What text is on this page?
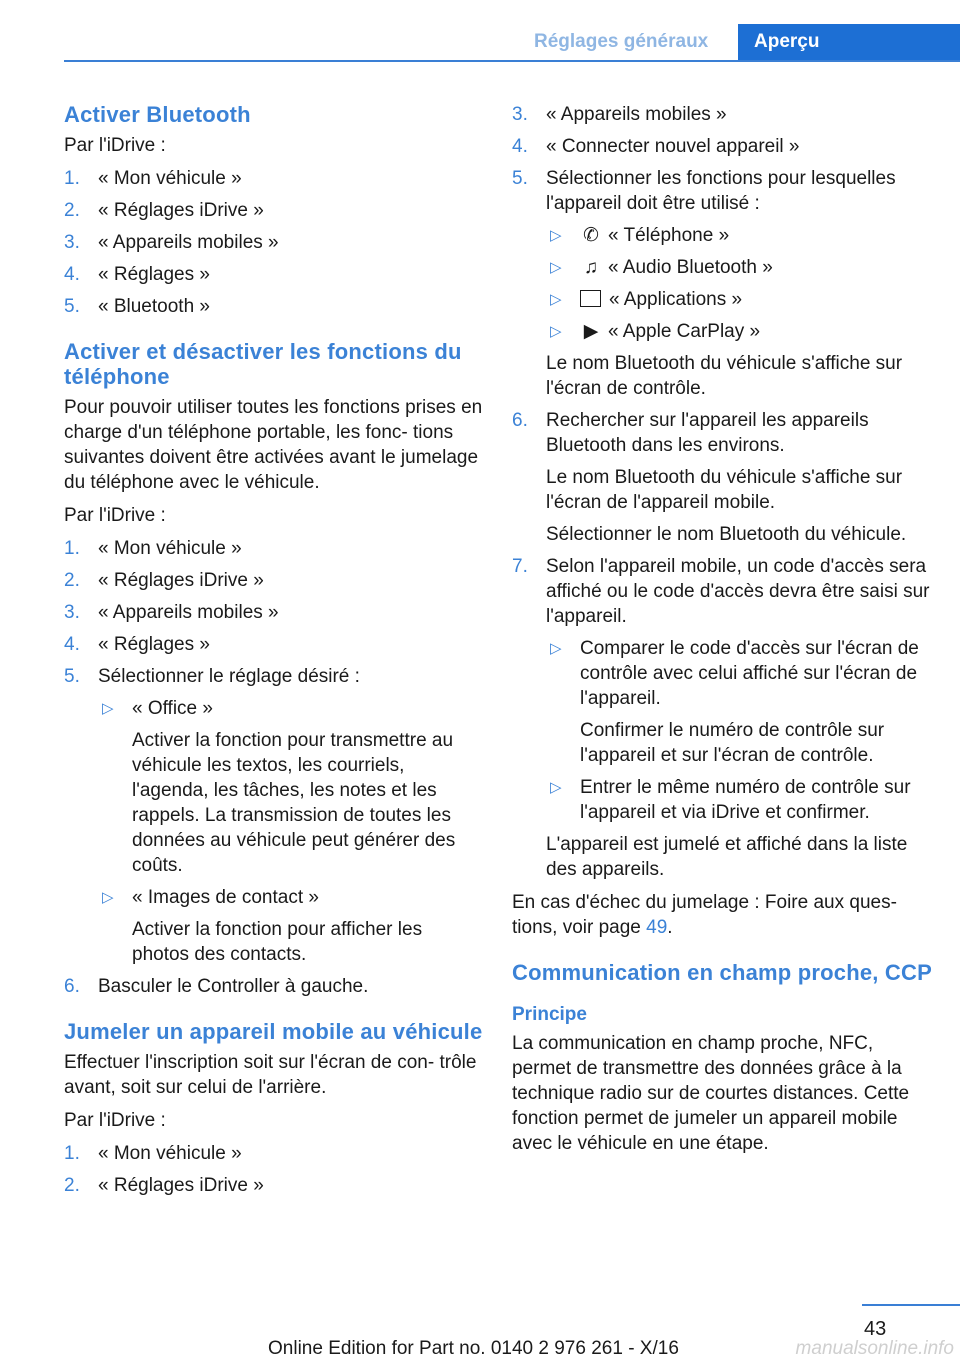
Réglages généraux	Aperçu
Activer Bluetooth

Par l'iDrive :

1. « Mon véhicule »
2. « Réglages iDrive »
3. « Appareils mobiles »
4. « Réglages »
5. « Bluetooth »
Activer et désactiver les fonctions du téléphone

Pour pouvoir utiliser toutes les fonctions prises en charge d'un téléphone portable, les fonc- tions suivantes doivent être activées avant le jumelage du téléphone avec le véhicule.

Par l'iDrive :

1. « Mon véhicule »
2. « Réglages iDrive »
3. « Appareils mobiles »
4. « Réglages »
5. Sélectionner le réglage désiré :
▷ « Office »
Activer la fonction pour transmettre au véhicule les textos, les courriels, l'agenda, les tâches, les notes et les rappels. La transmission de toutes les données au véhicule peut générer des coûts.
▷ « Images de contact »
Activer la fonction pour afficher les photos des contacts.
6. Basculer le Controller à gauche.
Jumeler un appareil mobile au véhicule

Effectuer l'inscription soit sur l'écran de con- trôle avant, soit sur celui de l'arrière.

Par l'iDrive :

1. « Mon véhicule »
2. « Réglages iDrive »
3. « Appareils mobiles »
4. « Connecter nouvel appareil »
5. Sélectionner les fonctions pour lesquelles l'appareil doit être utilisé :
▷ ✆ « Téléphone »
▷ ♫ « Audio Bluetooth »
▷ « Applications »
▷ ▶ « Apple CarPlay »
Le nom Bluetooth du véhicule s'affiche sur l'écran de contrôle.
6. Rechercher sur l'appareil les appareils Bluetooth dans les environs.
Le nom Bluetooth du véhicule s'affiche sur l'écran de l'appareil mobile.
Sélectionner le nom Bluetooth du véhicule.
7. Selon l'appareil mobile, un code d'accès sera affiché ou le code d'accès devra être saisi sur l'appareil.
▷ Comparer le code d'accès sur l'écran de contrôle avec celui affiché sur l'écran de l'appareil.
Confirmer le numéro de contrôle sur l'appareil et sur l'écran de contrôle.
▷ Entrer le même numéro de contrôle sur l'appareil et via iDrive et confirmer.
L'appareil est jumelé et affiché dans la liste des appareils.

En cas d'échec du jumelage : Foire aux ques- tions, voir page 49.

Communication en champ proche, CCP
Principe

La communication en champ proche, NFC, permet de transmettre des données grâce à la technique radio sur de courtes distances. Cette fonction permet de jumeler un appareil mobile avec le véhicule en une étape.

43
Online Edition for Part no. 0140 2 976 261 - X/16	manualsonline.info
